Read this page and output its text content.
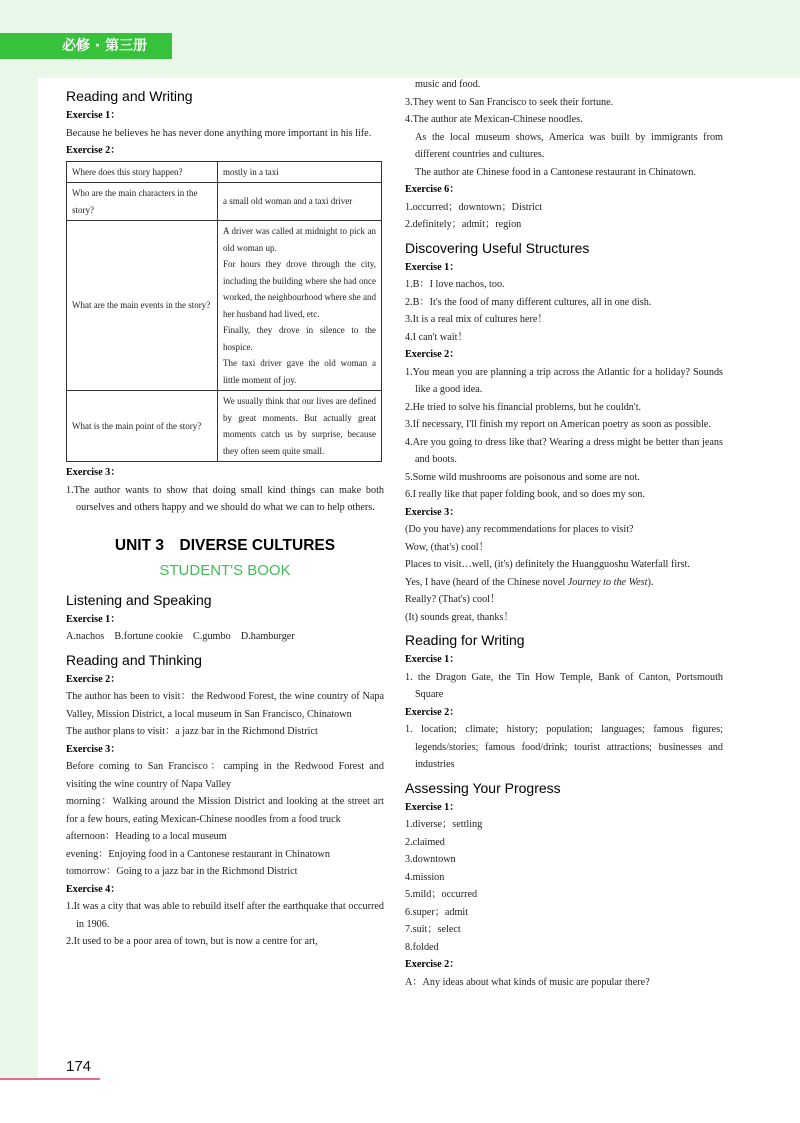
必修 · 第三册
Reading and Writing
Exercise 1：
Because he believes he has never done anything more important in his life.
Exercise 2：
Where does this story happen?	mostly in a taxi

Who are the main characters in the story?	a small old woman and a taxi driver

What are the main events in the story?	A driver was called at midnight to pick an old woman up.
For hours they drove through the city, including the building where she had once worked, the neighbourhood where she and her husband had lived, etc.
Finally, they drove in silence to the hospice.
The taxi driver gave the old woman a little moment of joy.

What is the main point of the story?	We usually think that our lives are defined by great moments. But actually great moments catch us by surprise, because they often seem quite small.
Exercise 3：
1.The author wants to show that doing small kind things can make both ourselves and others happy and we should do what we can to help others.
UNIT 3　DIVERSE CULTURES
STUDENT'S BOOK
Listening and Speaking
Exercise 1：
A.nachos　B.fortune cookie　C.gumbo　D.hamburger
Reading and Thinking
Exercise 2：
The author has been to visit：the Redwood Forest, the wine country of Napa Valley, Mission District, a local museum in San Francisco, Chinatown
The author plans to visit：a jazz bar in the Richmond District
Exercise 3：
Before coming to San Francisco：camping in the Redwood Forest and visiting the wine country of Napa Valley
morning：Walking around the Mission District and looking at the street art for a few hours, eating Mexican-Chinese noodles from a food truck
afternoon：Heading to a local museum
evening：Enjoying food in a Cantonese restaurant in Chinatown
tomorrow：Going to a jazz bar in the Richmond District
Exercise 4：
1.It was a city that was able to rebuild itself after the earthquake that occurred in 1906.
2.It used to be a poor area of town, but is now a centre for art,
music and food.
3.They went to San Francisco to seek their fortune.
4.The author ate Mexican-Chinese noodles.
As the local museum shows, America was built by immigrants from different countries and cultures.
The author ate Chinese food in a Cantonese restaurant in Chinatown.
Exercise 6：
1.occurred；downtown；District
2.definitely；admit；region
Discovering Useful Structures
Exercise 1：
1.B：I love nachos, too.
2.B：It's the food of many different cultures, all in one dish.
3.It is a real mix of cultures here！
4.I can't wait！
Exercise 2：
1.You mean you are planning a trip across the Atlantic for a holiday? Sounds like a good idea.
2.He tried to solve his financial problems, but he couldn't.
3.If necessary, I'll finish my report on American poetry as soon as possible.
4.Are you going to dress like that? Wearing a dress might be better than jeans and boots.
5.Some wild mushrooms are poisonous and some are not.
6.I really like that paper folding book, and so does my son.
Exercise 3：
(Do you have) any recommendations for places to visit?
Wow, (that's) cool！
Places to visit…well, (it's) definitely the Huangguoshu Waterfall first.
Yes, I have (heard of the Chinese novel Journey to the West).
Really? (That's) cool！
(It) sounds great, thanks！
Reading for Writing
Exercise 1：
1. the Dragon Gate, the Tin How Temple, Bank of Canton, Portsmouth Square
Exercise 2：
1. location; climate; history; population; languages; famous figures; legends/stories; famous food/drink; tourist attractions; businesses and industries
Assessing Your Progress
Exercise 1：
1.diverse；settling
2.claimed
3.downtown
4.mission
5.mild；occurred
6.super；admit
7.suit；select
8.folded
Exercise 2：
A：Any ideas about what kinds of music are popular there?
174
